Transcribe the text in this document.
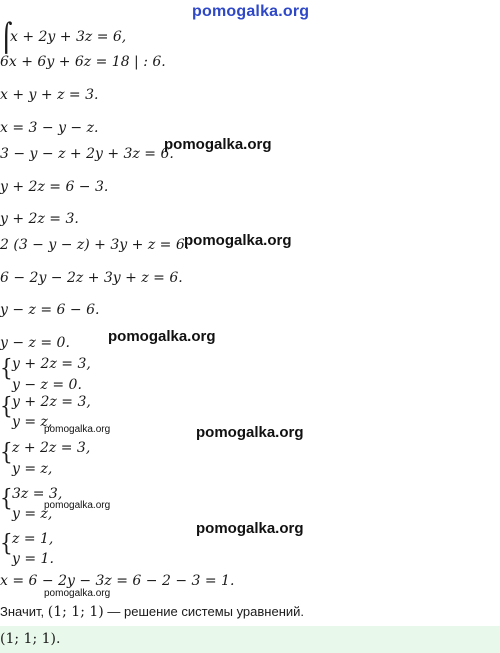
pomogalka.org
⌠
x + 2y + 3z = 6,
6x + 6y + 6z = 18 | : 6.
x + y + z = 3.
x = 3 − y − z.
3 − y − z + 2y + 3z = 6.
y + 2z = 6 − 3.
y + 2z = 3.
2 (3 − y − z) + 3y + z = 6.
6 − 2y − 2z + 3y + z = 6.
y − z = 6 − 6.
y − z = 0.
{ y + 2z = 3,
y − z = 0.
{ y + 2z = 3,
y = z,
{ z + 2z = 3,
y = z,
{ 3z = 3,
y = z,
{ z = 1,
y = 1.
x = 6 − 2y − 3z = 6 − 2 − 3 = 1.
Значит, (1; 1; 1) — решение системы уравнений.
(1; 1; 1).
pomogalka.org
pomogalka.org
pomogalka.org
pomogalka.org
pomogalka.org
pomogalka.org
pomogalka.org
pomogalka.org
